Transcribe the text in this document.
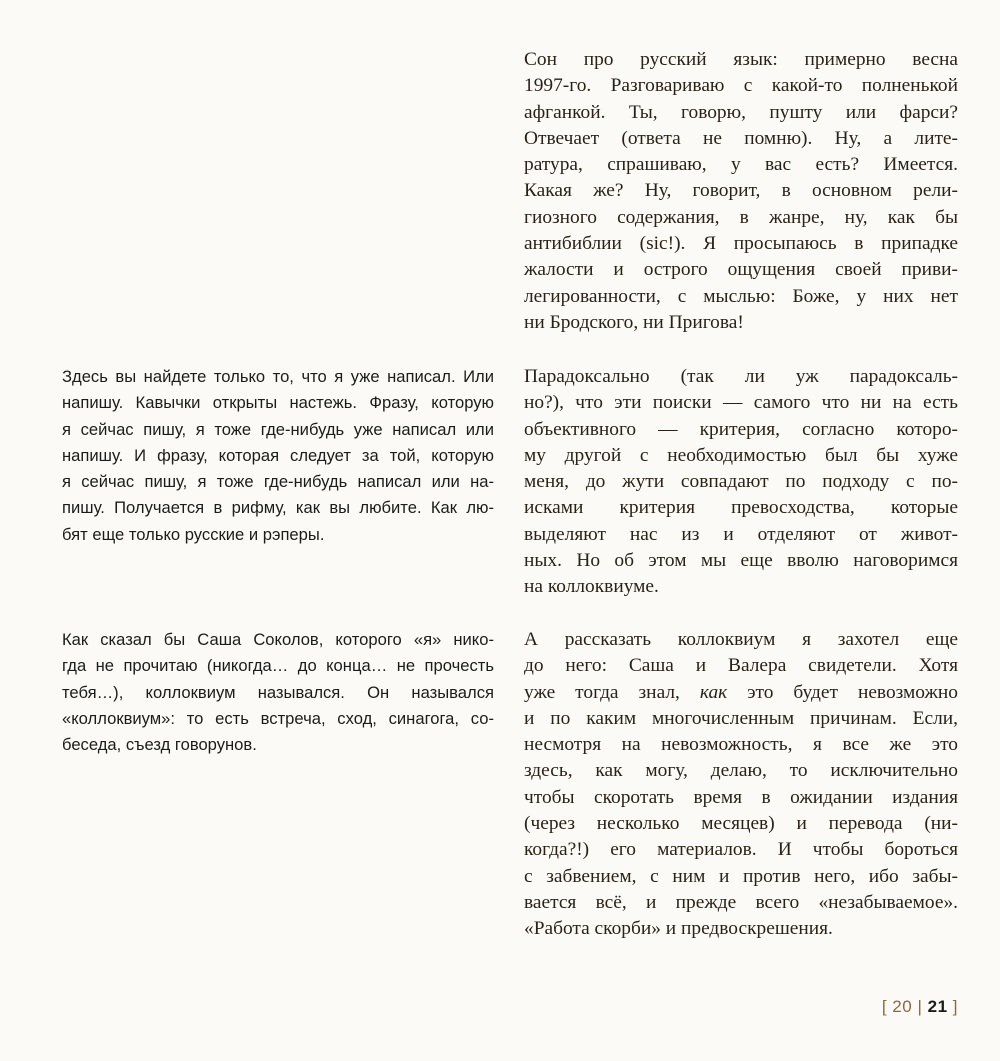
Сон про русский язык: примерно весна
1997-го. Разговариваю с какой-то полненькой
афганкой. Ты, говорю, пушту или фарси?
Отвечает (ответа не помню). Ну, а лите-
ратура, спрашиваю, у вас есть? Имеется.
Какая же? Ну, говорит, в основном рели-
гиозного содержания, в жанре, ну, как бы
антибиблии (sic!). Я просыпаюсь в припадке
жалости и острого ощущения своей приви-
легированности, с мыслью: Боже, у них нет
ни Бродского, ни Пригова!
Здесь вы найдете только то, что я уже написал. Или
напишу. Кавычки открыты настежь. Фразу, которую
я сейчас пишу, я тоже где-нибудь уже написал или
напишу. И фразу, которая следует за той, которую
я сейчас пишу, я тоже где-нибудь написал или на-
пишу. Получается в рифму, как вы любите. Как лю-
бят еще только русские и рэперы.
Парадоксально (так ли уж парадоксаль-
но?), что эти поиски — самого что ни на есть
объективного — критерия, согласно которо-
му другой с необходимостью был бы хуже
меня, до жути совпадают по подходу с по-
исками критерия превосходства, которые
выделяют нас из и отделяют от живот-
ных. Но об этом мы еще вволю наговоримся
на коллоквиуме.
Как сказал бы Саша Соколов, которого «я» нико-
гда не прочитаю (никогда… до конца… не прочесть
тебя…), коллоквиум назывался. Он назывался
«коллоквиум»: то есть встреча, сход, синагога, со-
беседа, съезд говорунов.
А рассказать коллоквиум я захотел еще
до него: Саша и Валера свидетели. Хотя
уже тогда знал, как это будет невозможно
и по каким многочисленным причинам. Если,
несмотря на невозможность, я все же это
здесь, как могу, делаю, то исключительно
чтобы скоротать время в ожидании издания
(через несколько месяцев) и перевода (ни-
когда?!) его материалов. И чтобы бороться
с забвением, с ним и против него, ибо забы-
вается всё, и прежде всего «незабываемое».
«Работа скорби» и предвоскрешения.
[ 20 | 21 ]
